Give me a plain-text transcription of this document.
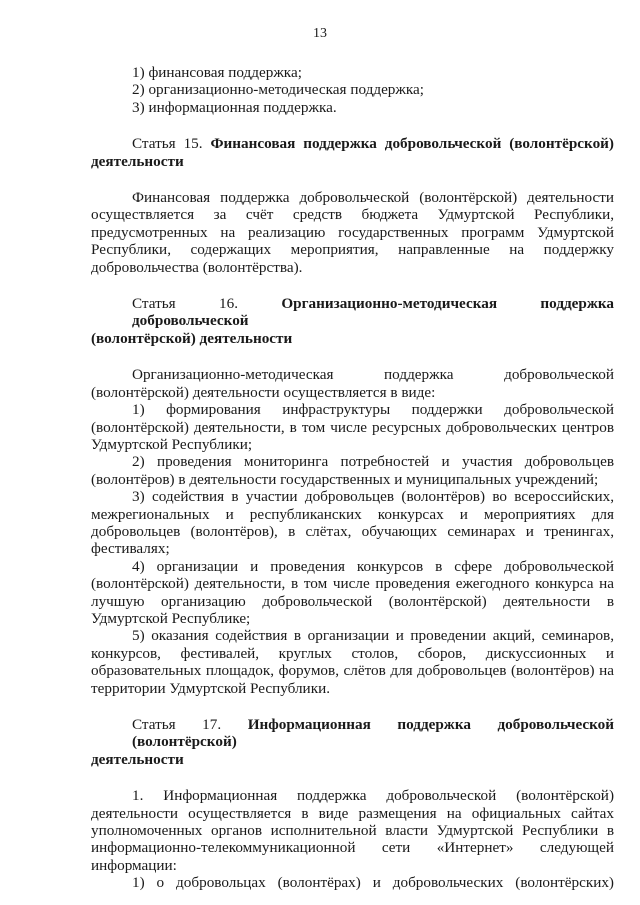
13
1) финансовая поддержка;
2) организационно-методическая поддержка;
3) информационная поддержка.
Статья 15. Финансовая поддержка добровольческой (волонтёрской)
деятельности
Финансовая поддержка добровольческой (волонтёрской) деятельности
осуществляется за счёт средств бюджета Удмуртской Республики,
предусмотренных на реализацию государственных программ Удмуртской
Республики, содержащих мероприятия, направленные на поддержку
добровольчества (волонтёрства).
Статья 16.	Организационно-методическая поддержка добровольческой
(волонтёрской) деятельности
Организационно-методическая поддержка добровольческой
(волонтёрской) деятельности осуществляется в виде:
1) формирования инфраструктуры поддержки добровольческой
(волонтёрской) деятельности, в том числе ресурсных добровольческих центров
Удмуртской Республики;
2) проведения мониторинга потребностей и участия добровольцев
(волонтёров) в деятельности государственных и муниципальных учреждений;
3) содействия в участии добровольцев (волонтёров) во всероссийских,
межрегиональных и республиканских конкурсах и мероприятиях для
добровольцев (волонтёров), в слётах, обучающих семинарах и тренингах,
фестивалях;
4) организации и проведения конкурсов в сфере добровольческой
(волонтёрской) деятельности, в том числе проведения ежегодного конкурса на
лучшую организацию добровольческой (волонтёрской) деятельности в
Удмуртской Республике;
5) оказания содействия в организации и проведении акций, семинаров,
конкурсов, фестивалей, круглых столов, сборов, дискуссионных и
образовательных площадок, форумов, слётов для добровольцев (волонтёров) на
территории Удмуртской Республики.
Статья 17. Информационная поддержка добровольческой (волонтёрской)
деятельности
1. Информационная поддержка добровольческой (волонтёрской)
деятельности осуществляется в виде размещения на официальных сайтах
уполномоченных органов исполнительной власти Удмуртской Республики в
информационно-телекоммуникационной сети «Интернет» следующей
информации:
1) о добровольцах (волонтёрах) и добровольческих (волонтёрских)
